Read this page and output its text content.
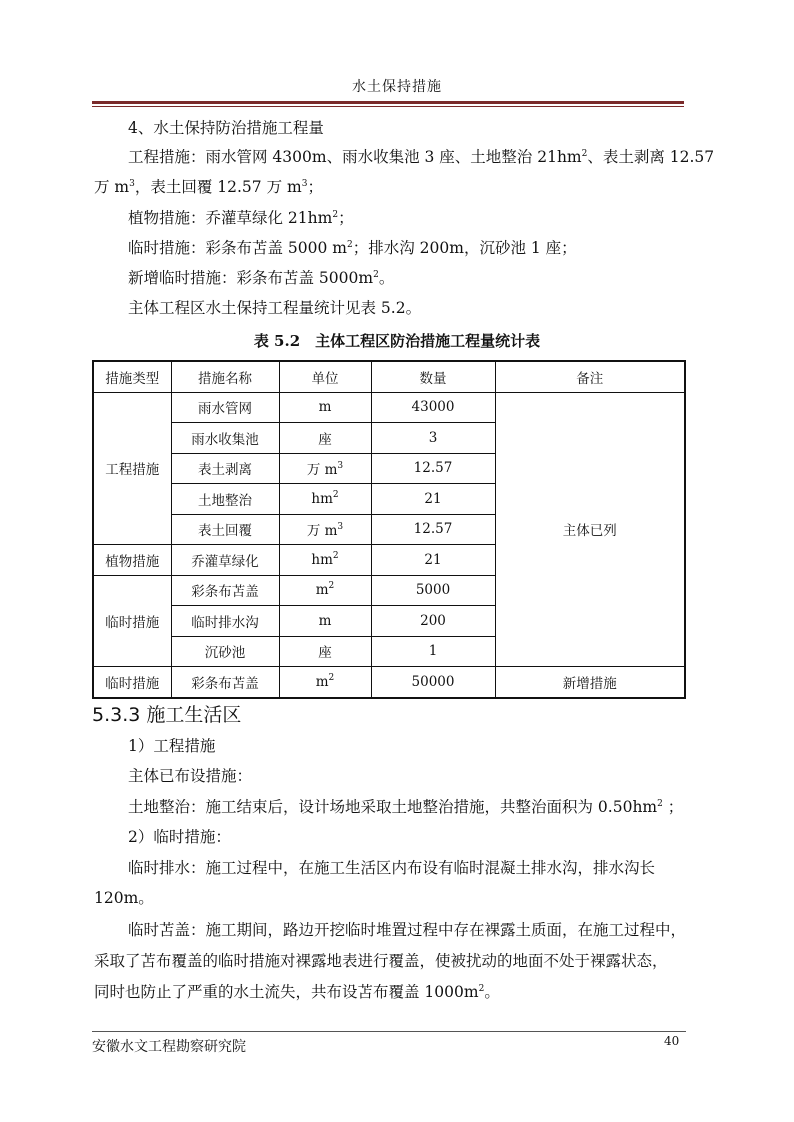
水土保持措施
4、水土保持防治措施工程量
工程措施：雨水管网 4300m、雨水收集池 3 座、土地整治 $21hm^2$、表土剥离 12.57
万 $m^3$，表土回覆 12.57 万 $m^3$；
植物措施：乔灌草绿化 $21hm^2$；
临时措施：彩条布苫盖 5000 $m^2$；排水沟 200m，沉砂池 1 座；
新增临时措施：彩条布苫盖 $5000m^2$。
主体工程区水土保持工程量统计见表 5.2。
表 5.2　主体工程区防治措施工程量统计表
措施类型	措施名称	单位	数量	备注
工程措施	雨水管网	m	43000	主体已列
	雨水收集池	座	3	
	表土剥离	万 $m^3$	12.57	
	土地整治	$hm^2$	21	
	表土回覆	万 $m^3$	12.57	
植物措施	乔灌草绿化	$hm^2$	21	
临时措施	彩条布苫盖	$m^2$	5000	
	临时排水沟	m	200	
	沉砂池	座	1	
临时措施	彩条布苫盖	$m^2$	50000	新增措施
5.3.3 施工生活区
1）工程措施
主体已布设措施：
土地整治：施工结束后，设计场地采取土地整治措施，共整治面积为 $0.50hm^2$ ；
2）临时措施：
临时排水：施工过程中，在施工生活区内布设有临时混凝土排水沟，排水沟长
120m。
临时苫盖：施工期间，路边开挖临时堆置过程中存在裸露土质面，在施工过程中，
采取了苫布覆盖的临时措施对裸露地表进行覆盖，使被扰动的地面不处于裸露状态，
同时也防止了严重的水土流失，共布设苫布覆盖 $1000m^2$。
安徽水文工程勘察研究院	40
